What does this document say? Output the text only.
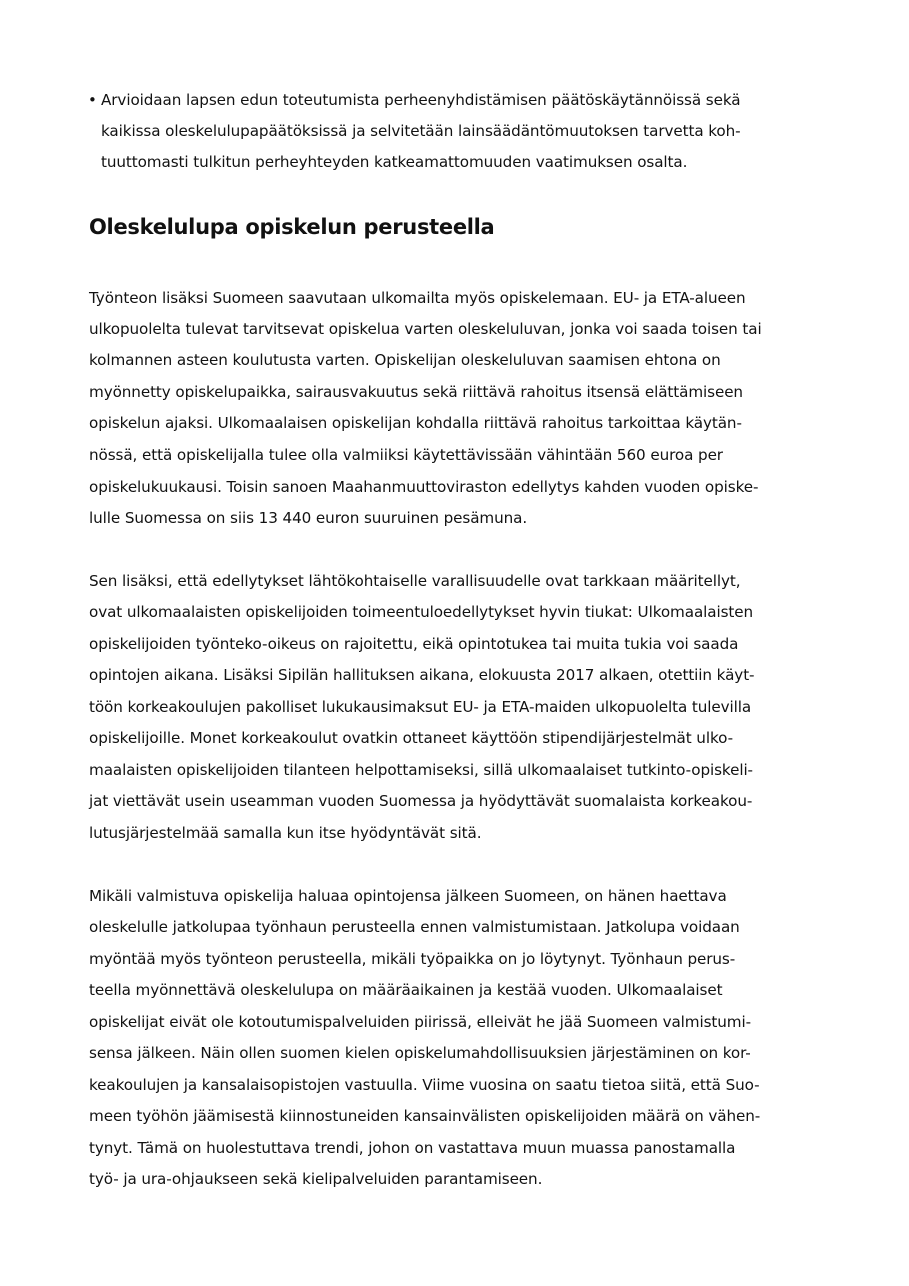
• Arvioidaan lapsen edun toteutumista perheenyhdistämisen päätöskäytännöissä sekä

kaikissa oleskelulupapäätöksissä ja selvitetään lainsäädäntömuutoksen tarvetta koh-

tuuttomasti tulkitun perheyhteyden katkeamattomuuden vaatimuksen osalta.

Oleskelulupa opiskelun perusteella

Työnteon lisäksi Suomeen saavutaan ulkomailta myös opiskelemaan. EU- ja ETA-alueen

ulkopuolelta tulevat tarvitsevat opiskelua varten oleskeluluvan, jonka voi saada toisen tai

kolmannen asteen koulutusta varten. Opiskelijan oleskeluluvan saamisen ehtona on

myönnetty opiskelupaikka, sairausvakuutus sekä riittävä rahoitus itsensä elättämiseen

opiskelun ajaksi. Ulkomaalaisen opiskelijan kohdalla riittävä rahoitus tarkoittaa käytän-

nössä, että opiskelijalla tulee olla valmiiksi käytettävissään vähintään 560 euroa per

opiskelukuukausi. Toisin sanoen Maahanmuuttoviraston edellytys kahden vuoden opiske-

lulle Suomessa on siis 13 440 euron suuruinen pesämuna.

Sen lisäksi, että edellytykset lähtökohtaiselle varallisuudelle ovat tarkkaan määritellyt,

ovat ulkomaalaisten opiskelijoiden toimeentuloedellytykset hyvin tiukat: Ulkomaalaisten

opiskelijoiden työnteko-oikeus on rajoitettu, eikä opintotukea tai muita tukia voi saada

opintojen aikana. Lisäksi Sipilän hallituksen aikana, elokuusta 2017 alkaen, otettiin käyt-

töön korkeakoulujen pakolliset lukukausimaksut EU- ja ETA-maiden ulkopuolelta tulevilla

opiskelijoille. Monet korkeakoulut ovatkin ottaneet käyttöön stipendijärjestelmät ulko-

maalaisten opiskelijoiden tilanteen helpottamiseksi, sillä ulkomaalaiset tutkinto-opiskeli-

jat viettävät usein useamman vuoden Suomessa ja hyödyttävät suomalaista korkeakou-

lutusjärjestelmää samalla kun itse hyödyntävät sitä.

Mikäli valmistuva opiskelija haluaa opintojensa jälkeen Suomeen, on hänen haettava

oleskelulle jatkolupaa työnhaun perusteella ennen valmistumistaan. Jatkolupa voidaan

myöntää myös työnteon perusteella, mikäli työpaikka on jo löytynyt. Työnhaun perus-

teella myönnettävä oleskelulupa on määräaikainen ja kestää vuoden. Ulkomaalaiset

opiskelijat eivät ole kotoutumispalveluiden piirissä, elleivät he jää Suomeen valmistumi-

sensa jälkeen. Näin ollen suomen kielen opiskelumahdollisuuksien järjestäminen on kor-

keakoulujen ja kansalaisopistojen vastuulla. Viime vuosina on saatu tietoa siitä, että Suo-

meen työhön jäämisestä kiinnostuneiden kansainvälisten opiskelijoiden määrä on vähen-

tynyt. Tämä on huolestuttava trendi, johon on vastattava muun muassa panostamalla

työ- ja ura-ohjaukseen sekä kielipalveluiden parantamiseen.
